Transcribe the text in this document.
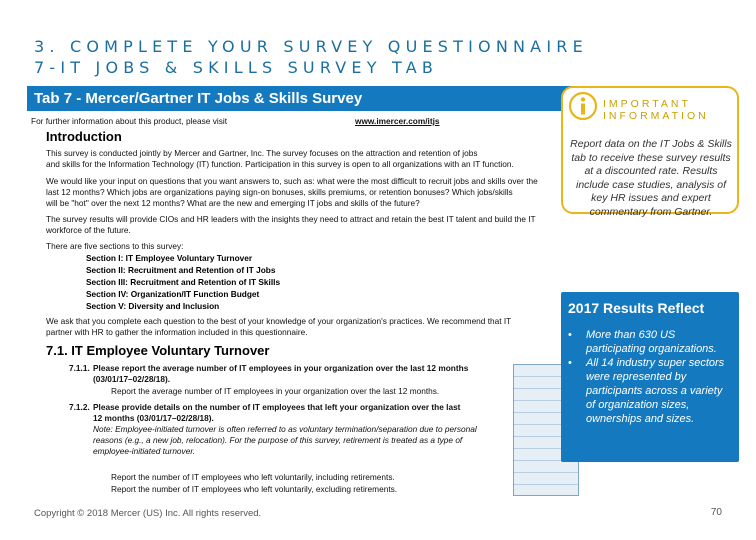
3. COMPLETE YOUR SURVEY QUESTIONNAIRE
7-IT JOBS & SKILLS SURVEY TAB
Tab 7 - Mercer/Gartner IT Jobs & Skills Survey
For further information about this product, please visit	www.imercer.com/itjs
Introduction
This survey is conducted jointly by Mercer and Gartner, Inc. The survey focuses on the attraction and retention of jobs
and skills for the Information Technology (IT) function. Participation in this survey is open to all organizations with an IT function.
We would like your input on questions that you want answers to, such as: what were the most difficult to recruit jobs and skills over the
last 12 months? Which jobs are organizations paying sign-on bonuses, skills premiums, or retention bonuses? Which jobs/skills
will be "hot" over the next 12 months? What are the new and emerging IT jobs and skills of the future?
The survey results will provide CIOs and HR leaders with the insights they need to attract and retain the best IT talent and build the IT
workforce of the future.
There are five sections to this survey:
Section I: IT Employee Voluntary Turnover
Section II: Recruitment and Retention of IT Jobs
Section III: Recruitment and Retention of IT Skills
Section IV: Organization/IT Function Budget
Section V: Diversity and Inclusion
We ask that you complete each question to the best of your knowledge of your organization's practices. We recommend that IT
partner with HR to gather the information included in this questionnaire.
7.1. IT Employee Voluntary Turnover
7.1.1. Please report the average number of IT employees in your organization over the last 12 months
(03/01/17–02/28/18).
Report the average number of IT employees in your organization over the last 12 months.
7.1.2. Please provide details on the number of IT employees that left your organization over the last
12 months (03/01/17–02/28/18).
Note: Employee-initiated turnover is often referred to as voluntary termination/separation due to personal
reasons (e.g., a new job, relocation). For the purpose of this survey, retirement is treated as a type of
employee-initiated turnover.
Report the number of IT employees who left voluntarily, including retirements.
Report the number of IT employees who left voluntarily, excluding retirements.
IMPORTANT INFORMATION
Report data on the IT Jobs & Skills tab to receive these survey results at a discounted rate. Results include case studies, analysis of key HR issues and expert commentary from Gartner.
2017 Results Reflect
• More than 630 US participating organizations.
• All 14 industry super sectors were represented by participants across a variety of organization sizes, ownerships and sizes.
Copyright © 2018 Mercer (US) Inc. All rights reserved.	70
